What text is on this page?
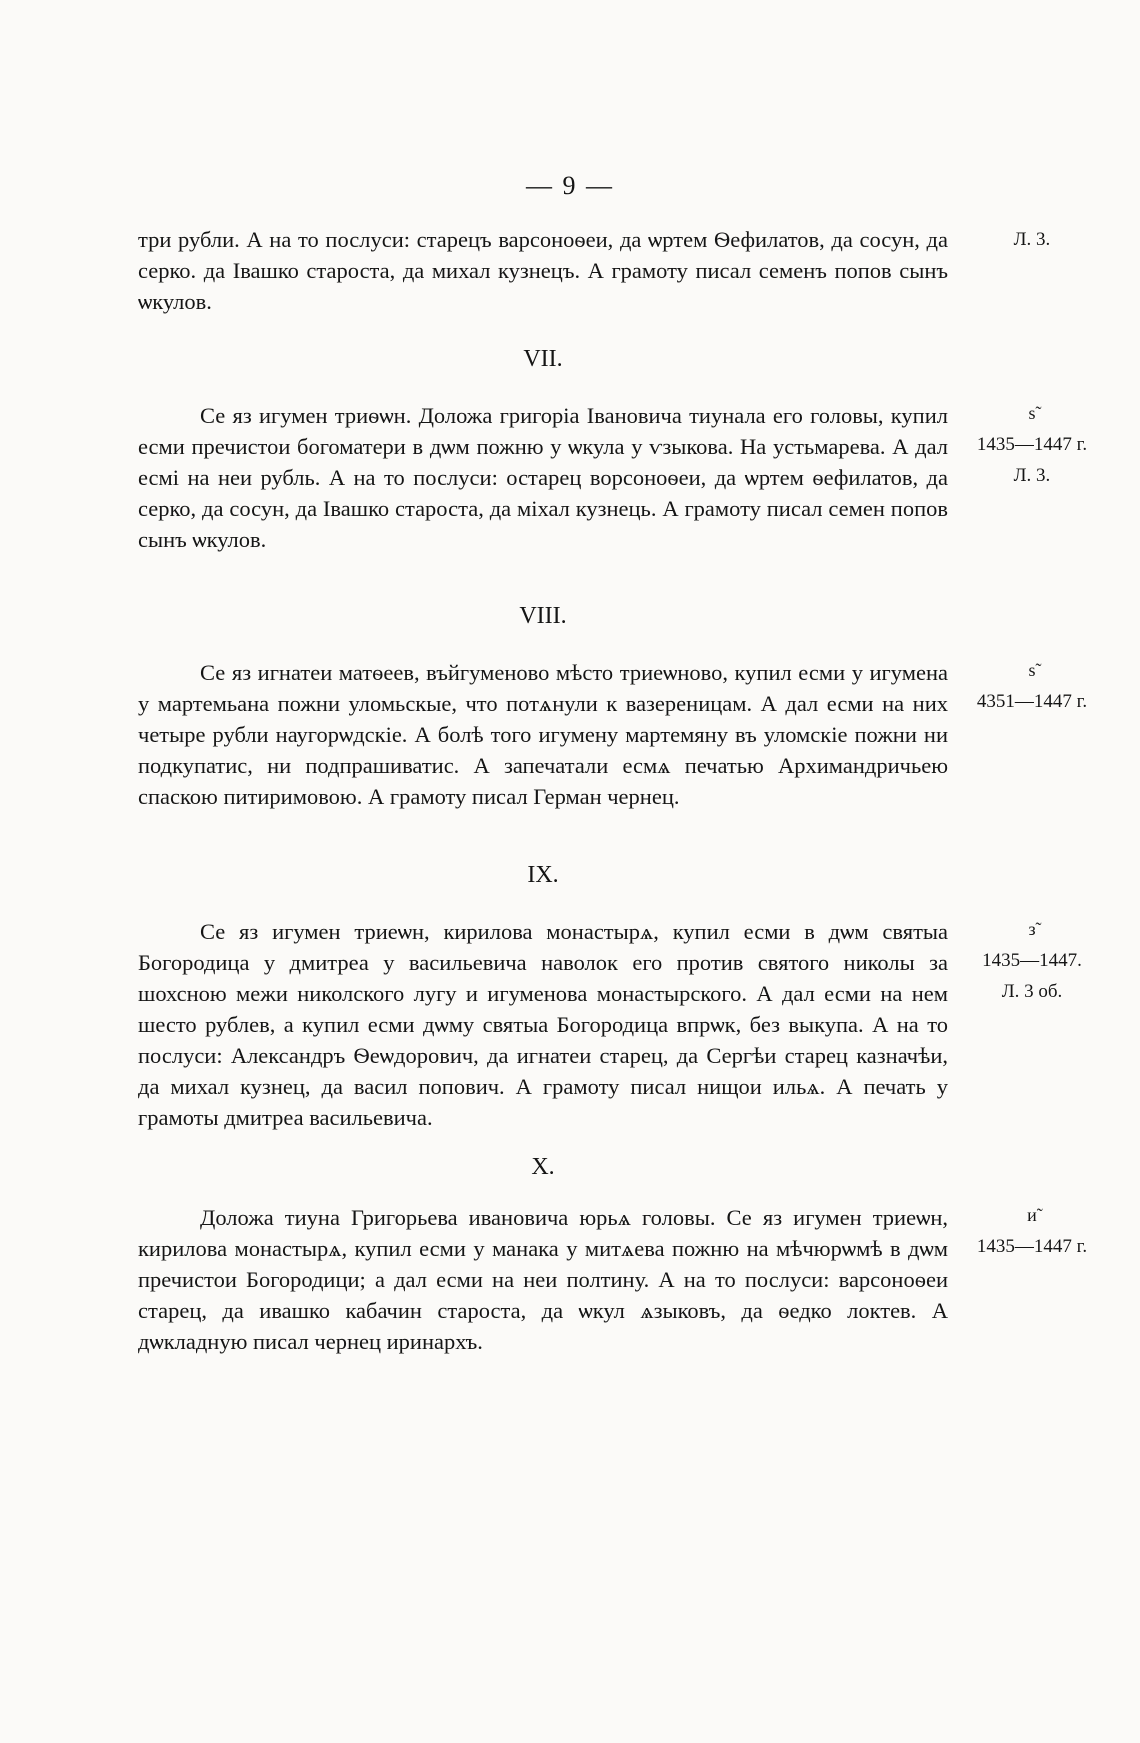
— 9 —
три рубли. А на то послуси: старецъ варсоноѳеи, да ѡртем Ѳефилатов, да сосун, да серко. да Івашко староста, да михал кузнецъ. А грамоту писал семенъ попов сынъ ѡкулов.
Л. 3.
VII.
Се яз игумен триѳѡн. Доложа григоріа Івановича тиунала его головы, купил есми пречистои богоматери в дѡм пожню у ѡкула у ѵзыкова. На устьмарева. А дал есмі на неи рубль. А на то послуси: остарец ворсоноѳеи, да ѡртем ѳефилатов, да серко, да сосун, да Івашко староста, да міхал кузнець. А грамоту писал семен попов сынъ ѡкулов.
ѕ̃
1435—1447 г.
Л. 3.
VIII.
Се яз игнатеи матѳеев, въйгуменово мѣсто триеѡново, купил есми у игумена у мартемьана пожни уломьскые, что потѧнули к вазереницам. А дал есми на них четыре рубли наугорѡдскіе. А болѣ того игумену мартемяну въ уломскіе пожни ни подкупатис, ни подпрашиватис. А запечатали есмѧ печатью Архимандричьею спаскою питиримовою. А грамоту писал Герман чернец.
ѕ̃
4351—1447 г.
IX.
Се яз игумен триеѡн, кирилова монастырѧ, купил есми в дѡм святыа Богородица у дмитреа у васильевича наволок его против святого николы за шохсною межи николского лугу и игуменова монастырского. А дал есми на нем шесто рублев, а купил есми дѡму святыа Богородица впрѡк, без выкупа. А на то послуси: Александръ Ѳеѡдорович, да игнатеи старец, да Сергѣи старец казначѣи, да михал кузнец, да васил попович. А грамоту писал нищои ильѧ. А печать у грамоты дмитреа васильевича.
з̃
1435—1447.
Л. 3 об.
X.
Доложа тиуна Григорьева ивановича юрьѧ головы. Се яз игумен триеѡн, кирилова монастырѧ, купил есми у манака у митѧева пожню на мѣчюрѡмѣ в дѡм пречистои Богородици; а дал есми на неи полтину. А на то послуси: варсоноѳеи старец, да ивашко кабачин староста, да ѡкул ѧзыковъ, да ѳедко локтев. А дѡкладную писал чернец иринархъ.
и̃
1435—1447 г.
